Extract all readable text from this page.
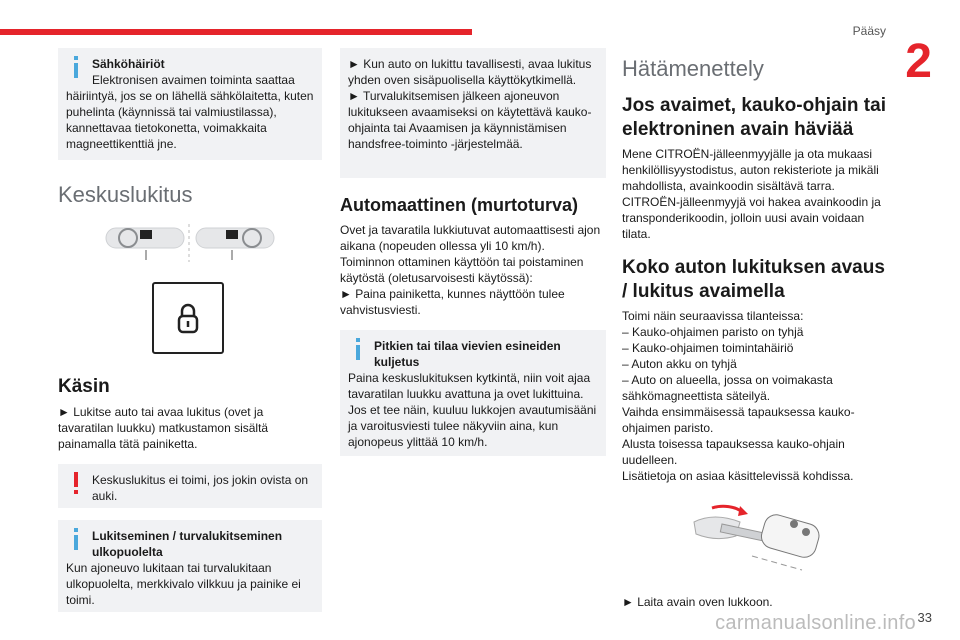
Pääsy
2
Sähköhäiriöt
Elektronisen avaimen toiminta saattaa häiriintyä, jos se on lähellä sähkölaitetta, kuten puhelinta (käynnissä tai valmiustilassa), kannettavaa tietokonetta, voimakkaita magneettikenttiä jne.
Keskuslukitus
Käsin
► Lukitse auto tai avaa lukitus (ovet ja tavaratilan luukku) matkustamon sisältä painamalla tätä painiketta.
Keskuslukitus ei toimi, jos jokin ovista on auki.
Lukitseminen / turvalukitseminen ulkopuolelta
Kun ajoneuvo lukitaan tai turvalukitaan ulkopuolelta, merkkivalo vilkkuu ja painike ei toimi.
► Kun auto on lukittu tavallisesti, avaa lukitus yhden oven sisäpuolisella käyttökytkimellä.
► Turvalukitsemisen jälkeen ajoneuvon lukitukseen avaamiseksi on käytettävä kauko-ohjainta tai Avaamisen ja käynnistämisen handsfree-toiminto -järjestelmää.
Automaattinen (murtoturva)
Ovet ja tavaratila lukkiutuvat automaattisesti ajon aikana (nopeuden ollessa yli 10 km/h).
Toiminnon ottaminen käyttöön tai poistaminen käytöstä (oletusarvoisesti käytössä):
► Paina painiketta, kunnes näyttöön tulee vahvistusviesti.
Pitkien tai tilaa vievien esineiden kuljetus
Paina keskuslukituksen kytkintä, niin voit ajaa tavaratilan luukku avattuna ja ovet lukittuina. Jos et tee näin, kuuluu lukkojen avautumisääni ja varoitusviesti tulee näkyviin aina, kun ajonopeus ylittää 10 km/h.
Hätämenettely
Jos avaimet, kauko-ohjain tai elektroninen avain häviää
Mene CITROËN-jälleenmyyjälle ja ota mukaasi henkilöllisyystodistus, auton rekisteriote ja mikäli mahdollista, avainkoodin sisältävä tarra.
CITROËN-jälleenmyyjä voi hakea avainkoodin ja transponderikoodin, jolloin uusi avain voidaan tilata.
Koko auton lukituksen avaus / lukitus avaimella
Toimi näin seuraavissa tilanteissa:
– Kauko-ohjaimen paristo on tyhjä
– Kauko-ohjaimen toimintahäiriö
– Auton akku on tyhjä
– Auto on alueella, jossa on voimakasta sähkömagneettista säteilyä.
Vaihda ensimmäisessä tapauksessa kauko-ohjaimen paristo.
Alusta toisessa tapauksessa kauko-ohjain uudelleen.
Lisätietoja on asiaa käsittelevissä kohdissa.
► Laita avain oven lukkoon.
carmanualsonline.info 33
